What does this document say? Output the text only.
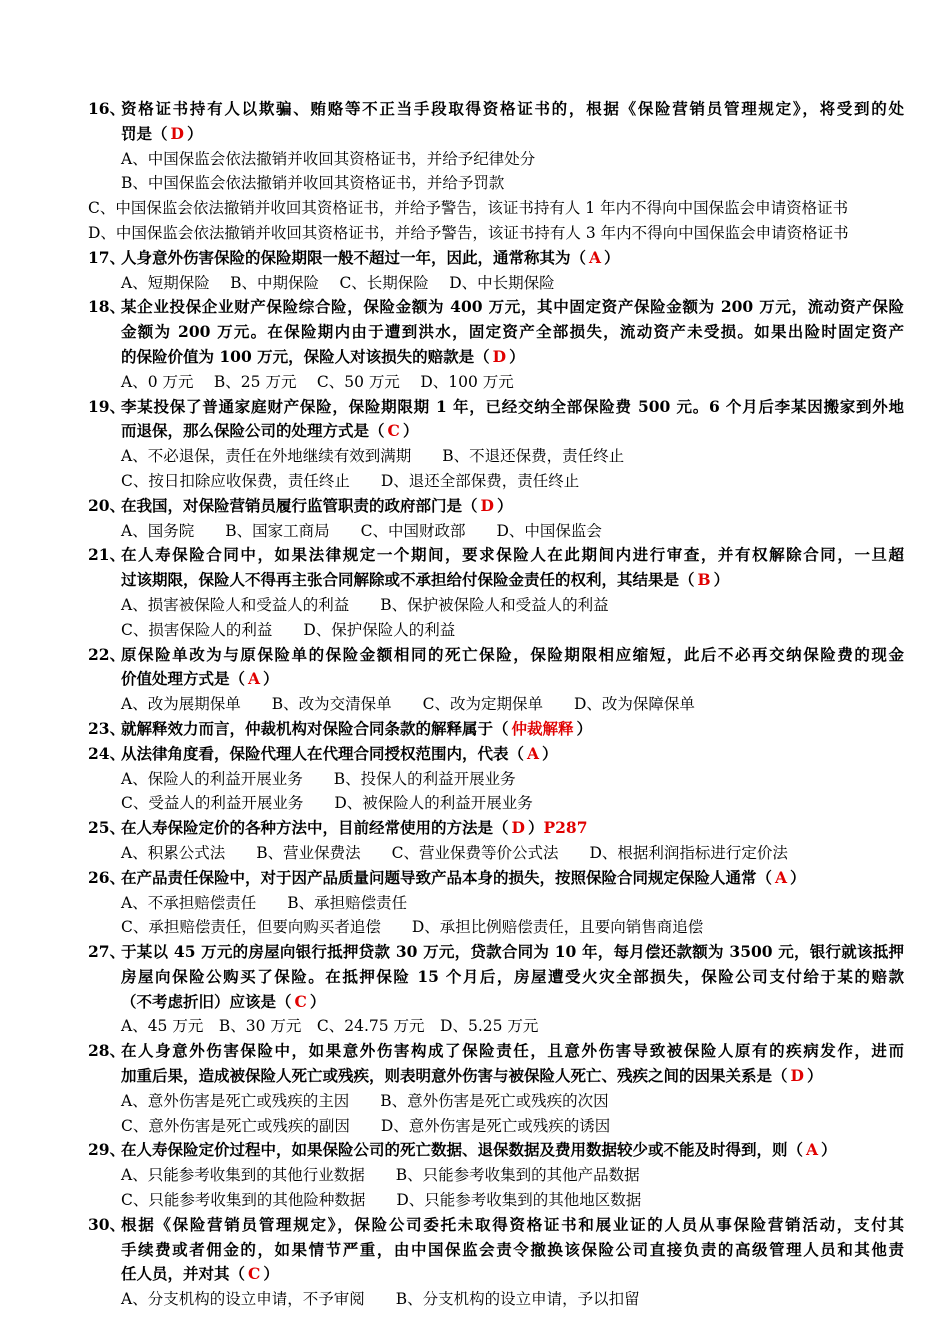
16、
资格证书持有人以欺骗、贿赂等不正当手段取得资格证书的，根据《保险营销员管理规定》，将受到的处
罚是（ D ）
A、中国保监会依法撤销并收回其资格证书，并给予纪律处分
B、中国保监会依法撤销并收回其资格证书，并给予罚款
C、中国保监会依法撤销并收回其资格证书，并给予警告，该证书持有人 1 年内不得向中国保监会申请资格证书
D、中国保监会依法撤销并收回其资格证书，并给予警告，该证书持有人 3 年内不得向中国保监会申请资格证书
17、
人身意外伤害保险的保险期限一般不超过一年，因此，通常称其为（ A ）
A、短期保险　 B、中期保险　 C、长期保险　 D、中长期保险
18、
某企业投保企业财产保险综合险，保险金额为 400 万元，其中固定资产保险金额为 200 万元，流动资产保险
金额为 200 万元。在保险期内由于遭到洪水，固定资产全部损失，流动资产未受损。如果出险时固定资产
的保险价值为 100 万元，保险人对该损失的赔款是（ D ）
A、0 万元　 B、25 万元　 C、50 万元　 D、100 万元
19、
李某投保了普通家庭财产保险，保险期限期 1 年，已经交纳全部保险费 500 元。6 个月后李某因搬家到外地
而退保，那么保险公司的处理方式是（ C ）
A、不必退保，责任在外地继续有效到满期　　B、不退还保费，责任终止
C、按日扣除应收保费，责任终止　　D、退还全部保费，责任终止
20、
在我国，对保险营销员履行监管职责的政府部门是（ D ）
A、国务院　　B、国家工商局　　C、中国财政部　　D、中国保监会
21、
在人寿保险合同中，如果法律规定一个期间，要求保险人在此期间内进行审查，并有权解除合同，一旦超
过该期限，保险人不得再主张合同解除或不承担给付保险金责任的权利，其结果是（ B ）
A、损害被保险人和受益人的利益　　B、保护被保险人和受益人的利益
C、损害保险人的利益　　D、保护保险人的利益
22、
原保险单改为与原保险单的保险金额相同的死亡保险，保险期限相应缩短，此后不必再交纳保险费的现金
价值处理方式是（ A ）
A、改为展期保单　　B、改为交清保单　　C、改为定期保单　　D、改为保障保单
23、
就解释效力而言，仲裁机构对保险合同条款的解释属于（ 仲裁解释 ）
24、
从法律角度看，保险代理人在代理合同授权范围内，代表（ A ）
A、保险人的利益开展业务　　B、投保人的利益开展业务
C、受益人的利益开展业务　　D、被保险人的利益开展业务
25、
在人寿保险定价的各种方法中，目前经常使用的方法是（ D ）P287
A、积累公式法　　B、营业保费法　　C、营业保费等价公式法　　D、根据利润指标进行定价法
26、
在产品责任保险中，对于因产品质量问题导致产品本身的损失，按照保险合同规定保险人通常（ A ）
A、不承担赔偿责任　　B、承担赔偿责任
C、承担赔偿责任，但要向购买者追偿　　D、承担比例赔偿责任，且要向销售商追偿
27、
于某以 45 万元的房屋向银行抵押贷款 30 万元，贷款合同为 10 年，每月偿还款额为 3500 元，银行就该抵押
房屋向保险公购买了保险。在抵押保险 15 个月后，房屋遭受火灾全部损失，保险公司支付给于某的赔款
（不考虑折旧）应该是（ C ）
A、45 万元　B、30 万元　C、24.75 万元　D、5.25 万元
28、
在人身意外伤害保险中，如果意外伤害构成了保险责任，且意外伤害导致被保险人原有的疾病发作，进而
加重后果，造成被保险人死亡或残疾，则表明意外伤害与被保险人死亡、残疾之间的因果关系是（ D ）
A、意外伤害是死亡或残疾的主因　　B、意外伤害是死亡或残疾的次因
C、意外伤害是死亡或残疾的副因　　D、意外伤害是死亡或残疾的诱因
29、
在人寿保险定价过程中，如果保险公司的死亡数据、退保数据及费用数据较少或不能及时得到，则（ A ）
A、只能参考收集到的其他行业数据　　B、只能参考收集到的其他产品数据
C、只能参考收集到的其他险种数据　　D、只能参考收集到的其他地区数据
30、
根据《保险营销员管理规定》，保险公司委托未取得资格证书和展业证的人员从事保险营销活动，支付其
手续费或者佣金的，如果情节严重，由中国保监会责令撤换该保险公司直接负责的高级管理人员和其他责
任人员，并对其（ C ）
A、分支机构的设立申请，不予审阅　　B、分支机构的设立申请，予以扣留
